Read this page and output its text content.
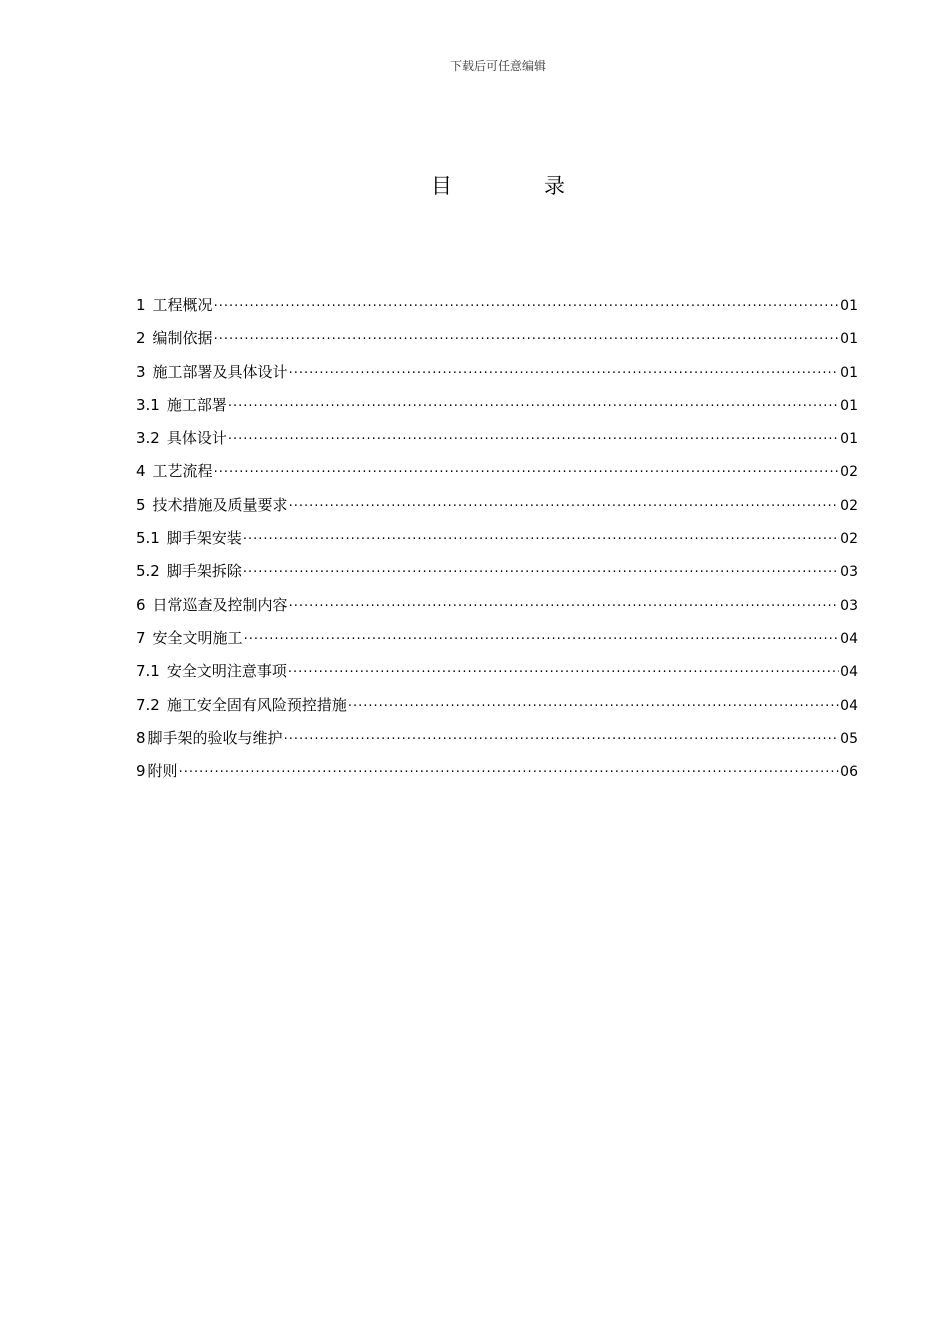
下载后可任意编辑
目	录
1 工程概况 ·····	01
2 编制依据 ·····	01
3 施工部署及具体设计 ·····	01
3.1 施工部署 ·····	01
3.2 具体设计 ·····	01
4 工艺流程 ·····	02
5 技术措施及质量要求 ·····	02
5.1 脚手架安装 ·····	02
5.2 脚手架拆除 ·····	03
6 日常巡查及控制内容 ·····	03
7 安全文明施工 ·····	04
7.1 安全文明注意事项 ·····	04
7.2 施工安全固有风险预控措施 ·····	04
8 脚手架的验收与维护 ·····	05
9 附则 ·····	06
